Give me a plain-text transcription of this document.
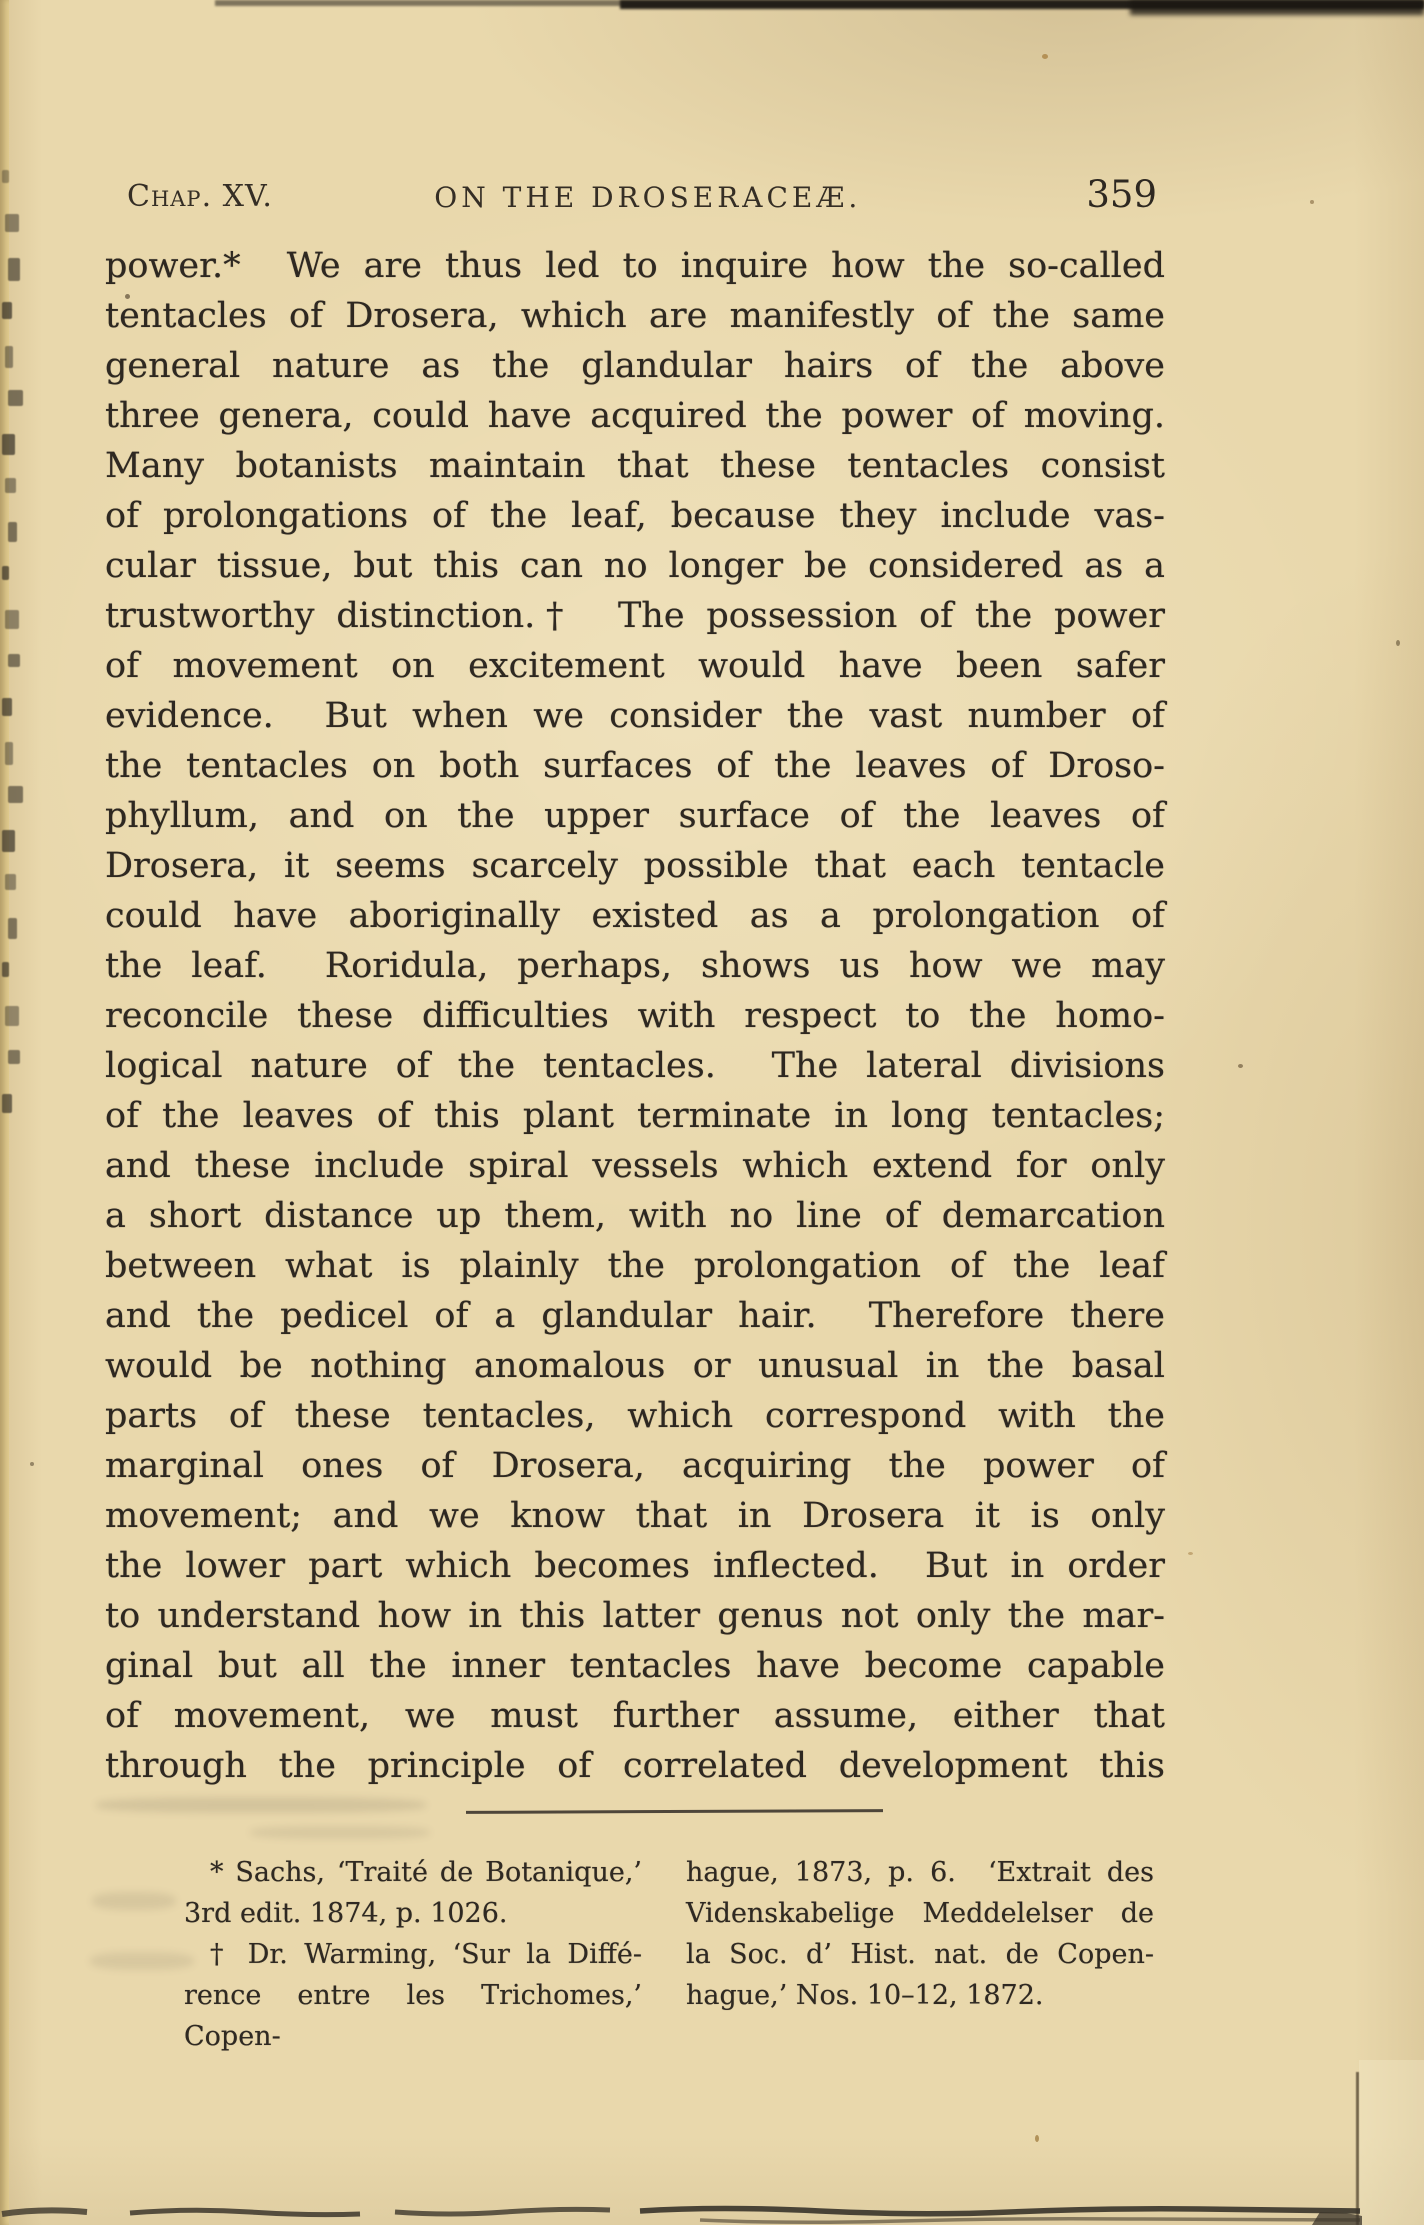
Chap. XV.	ON THE DROSERACEÆ.	359
power.*  We are thus led to inquire how the so-called
tentacles of Drosera, which are manifestly of the same
general nature as the glandular hairs of the above
three genera, could have acquired the power of moving.
Many botanists maintain that these tentacles consist
of prolongations of the leaf, because they include vas-
cular tissue, but this can no longer be considered as a
trustworthy distinction.†  The possession of the power
of movement on excitement would have been safer
evidence.  But when we consider the vast number of
the tentacles on both surfaces of the leaves of Droso-
phyllum, and on the upper surface of the leaves of
Drosera, it seems scarcely possible that each tentacle
could have aboriginally existed as a prolongation of
the leaf.  Roridula, perhaps, shows us how we may
reconcile these difficulties with respect to the homo-
logical nature of the tentacles.  The lateral divisions
of the leaves of this plant terminate in long tentacles;
and these include spiral vessels which extend for only
a short distance up them, with no line of demarcation
between what is plainly the prolongation of the leaf
and the pedicel of a glandular hair.  Therefore there
would be nothing anomalous or unusual in the basal
parts of these tentacles, which correspond with the
marginal ones of Drosera, acquiring the power of
movement; and we know that in Drosera it is only
the lower part which becomes inflected.  But in order
to understand how in this latter genus not only the mar-
ginal but all the inner tentacles have become capable
of movement, we must further assume, either that
through the principle of correlated development this
* Sachs, ‘Traité de Botanique,’
3rd edit. 1874, p. 1026.
† Dr. Warming, ‘Sur la Diffé-
rence entre les Trichomes,’ Copen-
hague, 1873, p. 6.  ‘Extrait des
Videnskabelige Meddelelser de
la Soc. d’ Hist. nat. de Copen-
hague,’ Nos. 10–12, 1872.
